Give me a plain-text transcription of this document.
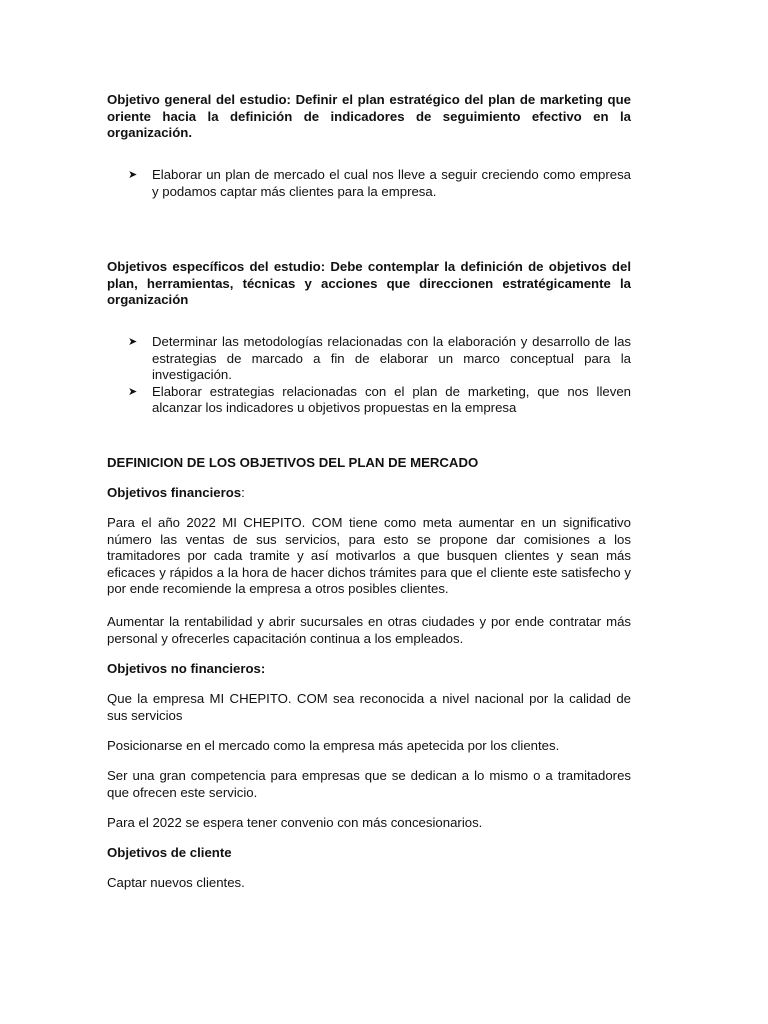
Objetivo general del estudio: Definir el plan estratégico del plan de marketing que oriente hacia la definición de indicadores de seguimiento efectivo en la organización.

➤ Elaborar un plan de mercado el cual nos lleve a seguir creciendo como empresa y podamos captar más clientes para la empresa.

Objetivos específicos del estudio: Debe contemplar la definición de objetivos del plan, herramientas, técnicas y acciones que direccionen estratégicamente la organización

➤ Determinar las metodologías relacionadas con la elaboración y desarrollo de las estrategias de marcado a fin de elaborar un marco conceptual para la investigación.
➤ Elaborar estrategias relacionadas con el plan de marketing, que nos lleven alcanzar los indicadores u objetivos propuestas en la empresa

DEFINICION DE LOS OBJETIVOS DEL PLAN DE MERCADO

Objetivos financieros:

Para el año 2022 MI CHEPITO. COM tiene como meta aumentar en un significativo número las ventas de sus servicios, para esto se propone dar comisiones a los tramitadores por cada tramite y así motivarlos a que busquen clientes y sean más eficaces y rápidos a la hora de hacer dichos trámites para que el cliente este satisfecho y por ende recomiende la empresa a otros posibles clientes.

Aumentar la rentabilidad y abrir sucursales en otras ciudades y por ende contratar más personal y ofrecerles capacitación continua a los empleados.

Objetivos no financieros:

Que la empresa MI CHEPITO. COM sea reconocida a nivel nacional por la calidad de sus servicios

Posicionarse en el mercado como la empresa más apetecida por los clientes.

Ser una gran competencia para empresas que se dedican a lo mismo o a tramitadores que ofrecen este servicio.

Para el 2022 se espera tener convenio con más concesionarios.

Objetivos de cliente

Captar nuevos clientes.
